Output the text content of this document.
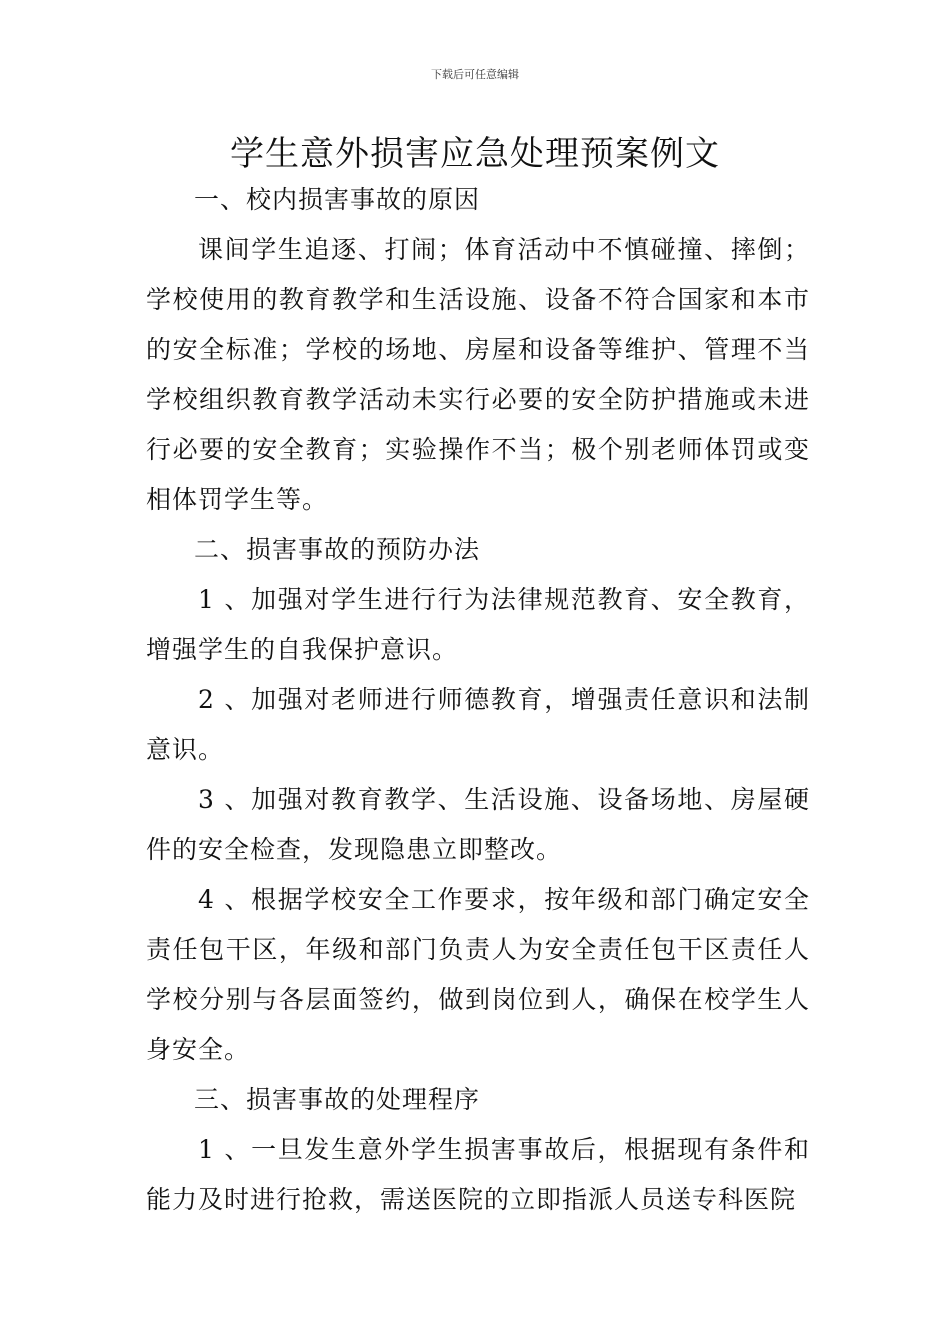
下载后可任意编辑
学生意外损害应急处理预案例文

一、校内损害事故的原因

课间学生追逐、打闹；体育活动中不慎碰撞、摔倒；学校使用的教育教学和生活设施、设备不符合国家和本市的安全标准；学校的场地、房屋和设备等维护、管理不当学校组织教育教学活动未实行必要的安全防护措施或未进行必要的安全教育；实验操作不当；极个别老师体罚或变相体罚学生等。

二、损害事故的预防办法

1 、加强对学生进行行为法律规范教育、安全教育，增强学生的自我保护意识。

2 、加强对老师进行师德教育，增强责任意识和法制意识。

3 、加强对教育教学、生活设施、设备场地、房屋硬件的安全检查，发现隐患立即整改。

4 、根据学校安全工作要求，按年级和部门确定安全责任包干区，年级和部门负责人为安全责任包干区责任人学校分别与各层面签约，做到岗位到人，确保在校学生人身安全。

三、损害事故的处理程序

1 、一旦发生意外学生损害事故后，根据现有条件和能力及时进行抢救，需送医院的立即指派人员送专科医院
